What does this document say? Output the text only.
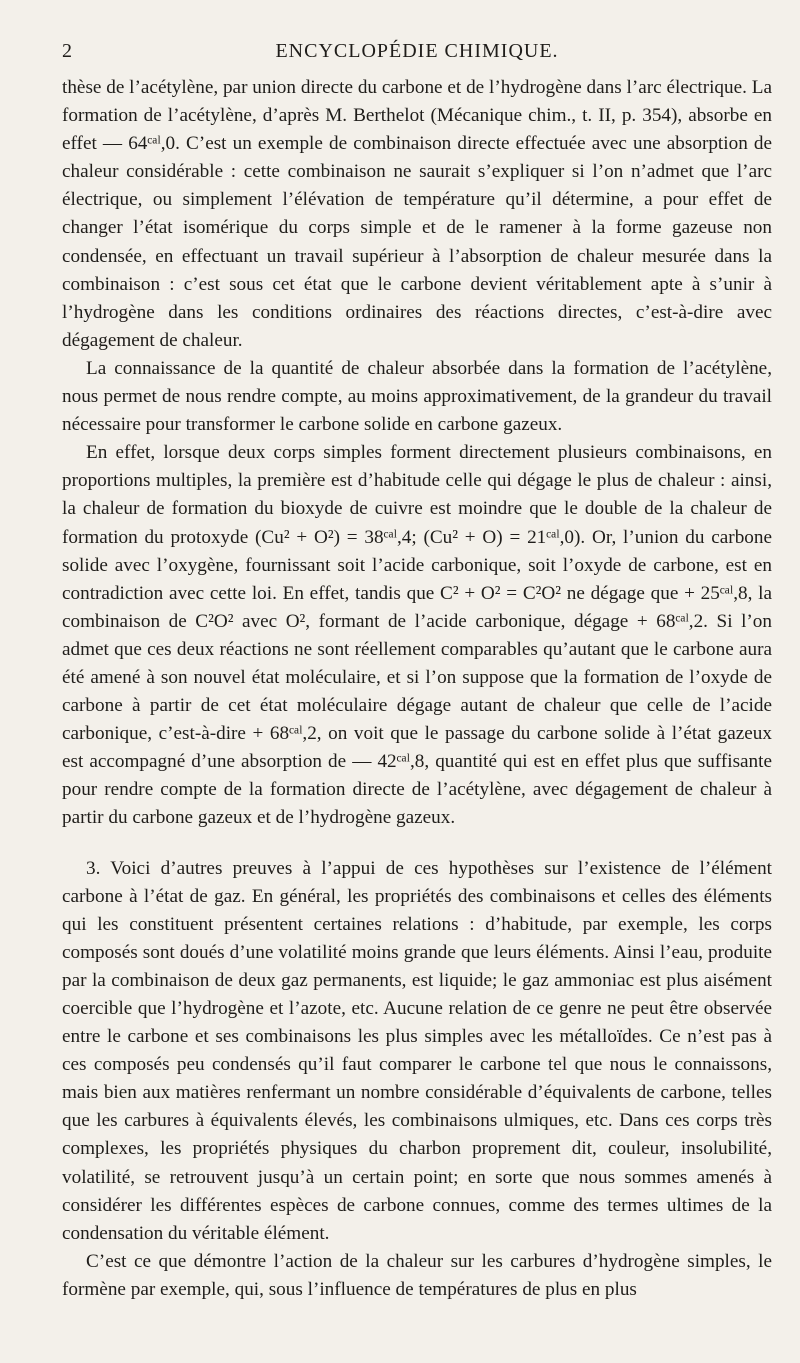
2	ENCYCLOPÉDIE CHIMIQUE.

thèse de l’acétylène, par union directe du carbone et de l’hydrogène dans l’arc électrique. La formation de l’acétylène, d’après M. Berthelot (Mécanique chim., t. II, p. 354), absorbe en effet — 64ᶜᵃˡ,0. C’est un exemple de combinaison directe effectuée avec une absorption de chaleur considérable : cette combinaison ne saurait s’expliquer si l’on n’admet que l’arc électrique, ou simplement l’élévation de température qu’il détermine, a pour effet de changer l’état isomérique du corps simple et de le ramener à la forme gazeuse non condensée, en effectuant un travail supérieur à l’absorption de chaleur mesurée dans la combinaison : c’est sous cet état que le carbone devient véritablement apte à s’unir à l’hydrogène dans les conditions ordinaires des réactions directes, c’est-à-dire avec dégagement de chaleur.

La connaissance de la quantité de chaleur absorbée dans la formation de l’acétylène, nous permet de nous rendre compte, au moins approximativement, de la grandeur du travail nécessaire pour transformer le carbone solide en carbone gazeux.

En effet, lorsque deux corps simples forment directement plusieurs combinaisons, en proportions multiples, la première est d’habitude celle qui dégage le plus de chaleur : ainsi, la chaleur de formation du bioxyde de cuivre est moindre que le double de la chaleur de formation du protoxyde (Cu² + O²) = 38ᶜᵃˡ,4; (Cu² + O) = 21ᶜᵃˡ,0). Or, l’union du carbone solide avec l’oxygène, fournissant soit l’acide carbonique, soit l’oxyde de carbone, est en contradiction avec cette loi. En effet, tandis que C² + O² = C²O² ne dégage que + 25ᶜᵃˡ,8, la combinaison de C²O² avec O², formant de l’acide carbonique, dégage + 68ᶜᵃˡ,2. Si l’on admet que ces deux réactions ne sont réellement comparables qu’autant que le carbone aura été amené à son nouvel état moléculaire, et si l’on suppose que la formation de l’oxyde de carbone à partir de cet état moléculaire dégage autant de chaleur que celle de l’acide carbonique, c’est-à-dire + 68ᶜᵃˡ,2, on voit que le passage du carbone solide à l’état gazeux est accompagné d’une absorption de — 42ᶜᵃˡ,8, quantité qui est en effet plus que suffisante pour rendre compte de la formation directe de l’acétylène, avec dégagement de chaleur à partir du carbone gazeux et de l’hydrogène gazeux.

3. Voici d’autres preuves à l’appui de ces hypothèses sur l’existence de l’élément carbone à l’état de gaz. En général, les propriétés des combinaisons et celles des éléments qui les constituent présentent certaines relations : d’habitude, par exemple, les corps composés sont doués d’une volatilité moins grande que leurs éléments. Ainsi l’eau, produite par la combinaison de deux gaz permanents, est liquide; le gaz ammoniac est plus aisément coercible que l’hydrogène et l’azote, etc. Aucune relation de ce genre ne peut être observée entre le carbone et ses combinaisons les plus simples avec les métalloïdes. Ce n’est pas à ces composés peu condensés qu’il faut comparer le carbone tel que nous le connaissons, mais bien aux matières renfermant un nombre considérable d’équivalents de carbone, telles que les carbures à équivalents élevés, les combinaisons ulmiques, etc. Dans ces corps très complexes, les propriétés physiques du charbon proprement dit, couleur, insolubilité, volatilité, se retrouvent jusqu’à un certain point; en sorte que nous sommes amenés à considérer les différentes espèces de carbone connues, comme des termes ultimes de la condensation du véritable élément.

C’est ce que démontre l’action de la chaleur sur les carbures d’hydrogène simples, le formène par exemple, qui, sous l’influence de températures de plus en plus
